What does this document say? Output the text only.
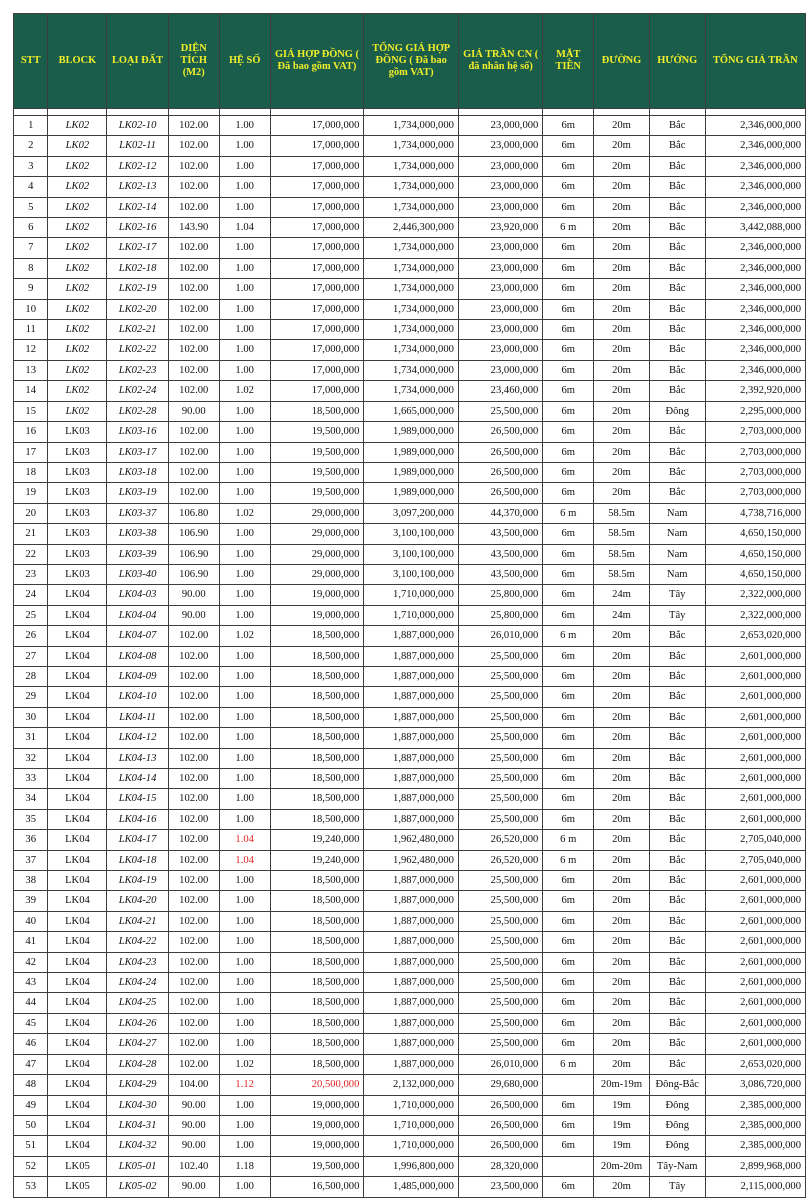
STT	BLOCK	LOẠI ĐẤT	DIỆN TÍCH (M2)	HỆ SỐ	GIÁ HỢP ĐỒNG ( Đã bao gồm VAT)	TỔNG GIÁ HỢP ĐỒNG ( Đã bao gồm VAT)	GIÁ TRẦN CN ( đã nhân hệ số)	MẶT TIỀN	ĐƯỜNG	HƯỚNG	TỔNG GIÁ TRẦN

1	LK02	LK02-10	102.00	1.00	17,000,000	1,734,000,000	23,000,000	6m	20m	Bắc	2,346,000,000
2	LK02	LK02-11	102.00	1.00	17,000,000	1,734,000,000	23,000,000	6m	20m	Bắc	2,346,000,000
3	LK02	LK02-12	102.00	1.00	17,000,000	1,734,000,000	23,000,000	6m	20m	Bắc	2,346,000,000
4	LK02	LK02-13	102.00	1.00	17,000,000	1,734,000,000	23,000,000	6m	20m	Bắc	2,346,000,000
5	LK02	LK02-14	102.00	1.00	17,000,000	1,734,000,000	23,000,000	6m	20m	Bắc	2,346,000,000
6	LK02	LK02-16	143.90	1.04	17,000,000	2,446,300,000	23,920,000	6 m	20m	Bắc	3,442,088,000
7	LK02	LK02-17	102.00	1.00	17,000,000	1,734,000,000	23,000,000	6m	20m	Bắc	2,346,000,000
8	LK02	LK02-18	102.00	1.00	17,000,000	1,734,000,000	23,000,000	6m	20m	Bắc	2,346,000,000
9	LK02	LK02-19	102.00	1.00	17,000,000	1,734,000,000	23,000,000	6m	20m	Bắc	2,346,000,000
10	LK02	LK02-20	102.00	1.00	17,000,000	1,734,000,000	23,000,000	6m	20m	Bắc	2,346,000,000
11	LK02	LK02-21	102.00	1.00	17,000,000	1,734,000,000	23,000,000	6m	20m	Bắc	2,346,000,000
12	LK02	LK02-22	102.00	1.00	17,000,000	1,734,000,000	23,000,000	6m	20m	Bắc	2,346,000,000
13	LK02	LK02-23	102.00	1.00	17,000,000	1,734,000,000	23,000,000	6m	20m	Bắc	2,346,000,000
14	LK02	LK02-24	102.00	1.02	17,000,000	1,734,000,000	23,460,000	6m	20m	Bắc	2,392,920,000
15	LK02	LK02-28	90.00	1.00	18,500,000	1,665,000,000	25,500,000	6m	20m	Đông	2,295,000,000
16	LK03	LK03-16	102.00	1.00	19,500,000	1,989,000,000	26,500,000	6m	20m	Bắc	2,703,000,000
17	LK03	LK03-17	102.00	1.00	19,500,000	1,989,000,000	26,500,000	6m	20m	Bắc	2,703,000,000
18	LK03	LK03-18	102.00	1.00	19,500,000	1,989,000,000	26,500,000	6m	20m	Bắc	2,703,000,000
19	LK03	LK03-19	102.00	1.00	19,500,000	1,989,000,000	26,500,000	6m	20m	Bắc	2,703,000,000
20	LK03	LK03-37	106.80	1.02	29,000,000	3,097,200,000	44,370,000	6 m	58.5m	Nam	4,738,716,000
21	LK03	LK03-38	106.90	1.00	29,000,000	3,100,100,000	43,500,000	6m	58.5m	Nam	4,650,150,000
22	LK03	LK03-39	106.90	1.00	29,000,000	3,100,100,000	43,500,000	6m	58.5m	Nam	4,650,150,000
23	LK03	LK03-40	106.90	1.00	29,000,000	3,100,100,000	43,500,000	6m	58.5m	Nam	4,650,150,000
24	LK04	LK04-03	90.00	1.00	19,000,000	1,710,000,000	25,800,000	6m	24m	Tây	2,322,000,000
25	LK04	LK04-04	90.00	1.00	19,000,000	1,710,000,000	25,800,000	6m	24m	Tây	2,322,000,000
26	LK04	LK04-07	102.00	1.02	18,500,000	1,887,000,000	26,010,000	6 m	20m	Bắc	2,653,020,000
27	LK04	LK04-08	102.00	1.00	18,500,000	1,887,000,000	25,500,000	6m	20m	Bắc	2,601,000,000
28	LK04	LK04-09	102.00	1.00	18,500,000	1,887,000,000	25,500,000	6m	20m	Bắc	2,601,000,000
29	LK04	LK04-10	102.00	1.00	18,500,000	1,887,000,000	25,500,000	6m	20m	Bắc	2,601,000,000
30	LK04	LK04-11	102.00	1.00	18,500,000	1,887,000,000	25,500,000	6m	20m	Bắc	2,601,000,000
31	LK04	LK04-12	102.00	1.00	18,500,000	1,887,000,000	25,500,000	6m	20m	Bắc	2,601,000,000
32	LK04	LK04-13	102.00	1.00	18,500,000	1,887,000,000	25,500,000	6m	20m	Bắc	2,601,000,000
33	LK04	LK04-14	102.00	1.00	18,500,000	1,887,000,000	25,500,000	6m	20m	Bắc	2,601,000,000
34	LK04	LK04-15	102.00	1.00	18,500,000	1,887,000,000	25,500,000	6m	20m	Bắc	2,601,000,000
35	LK04	LK04-16	102.00	1.00	18,500,000	1,887,000,000	25,500,000	6m	20m	Bắc	2,601,000,000
36	LK04	LK04-17	102.00	1.04	19,240,000	1,962,480,000	26,520,000	6 m	20m	Bắc	2,705,040,000
37	LK04	LK04-18	102.00	1.04	19,240,000	1,962,480,000	26,520,000	6 m	20m	Bắc	2,705,040,000
38	LK04	LK04-19	102.00	1.00	18,500,000	1,887,000,000	25,500,000	6m	20m	Bắc	2,601,000,000
39	LK04	LK04-20	102.00	1.00	18,500,000	1,887,000,000	25,500,000	6m	20m	Bắc	2,601,000,000
40	LK04	LK04-21	102.00	1.00	18,500,000	1,887,000,000	25,500,000	6m	20m	Bắc	2,601,000,000
41	LK04	LK04-22	102.00	1.00	18,500,000	1,887,000,000	25,500,000	6m	20m	Bắc	2,601,000,000
42	LK04	LK04-23	102.00	1.00	18,500,000	1,887,000,000	25,500,000	6m	20m	Bắc	2,601,000,000
43	LK04	LK04-24	102.00	1.00	18,500,000	1,887,000,000	25,500,000	6m	20m	Bắc	2,601,000,000
44	LK04	LK04-25	102.00	1.00	18,500,000	1,887,000,000	25,500,000	6m	20m	Bắc	2,601,000,000
45	LK04	LK04-26	102.00	1.00	18,500,000	1,887,000,000	25,500,000	6m	20m	Bắc	2,601,000,000
46	LK04	LK04-27	102.00	1.00	18,500,000	1,887,000,000	25,500,000	6m	20m	Bắc	2,601,000,000
47	LK04	LK04-28	102.00	1.02	18,500,000	1,887,000,000	26,010,000	6 m	20m	Bắc	2,653,020,000
48	LK04	LK04-29	104.00	1.12	20,500,000	2,132,000,000	29,680,000		20m-19m	Đông-Bắc	3,086,720,000
49	LK04	LK04-30	90.00	1.00	19,000,000	1,710,000,000	26,500,000	6m	19m	Đông	2,385,000,000
50	LK04	LK04-31	90.00	1.00	19,000,000	1,710,000,000	26,500,000	6m	19m	Đông	2,385,000,000
51	LK04	LK04-32	90.00	1.00	19,000,000	1,710,000,000	26,500,000	6m	19m	Đông	2,385,000,000
52	LK05	LK05-01	102.40	1.18	19,500,000	1,996,800,000	28,320,000		20m-20m	Tây-Nam	2,899,968,000
53	LK05	LK05-02	90.00	1.00	16,500,000	1,485,000,000	23,500,000	6m	20m	Tây	2,115,000,000
